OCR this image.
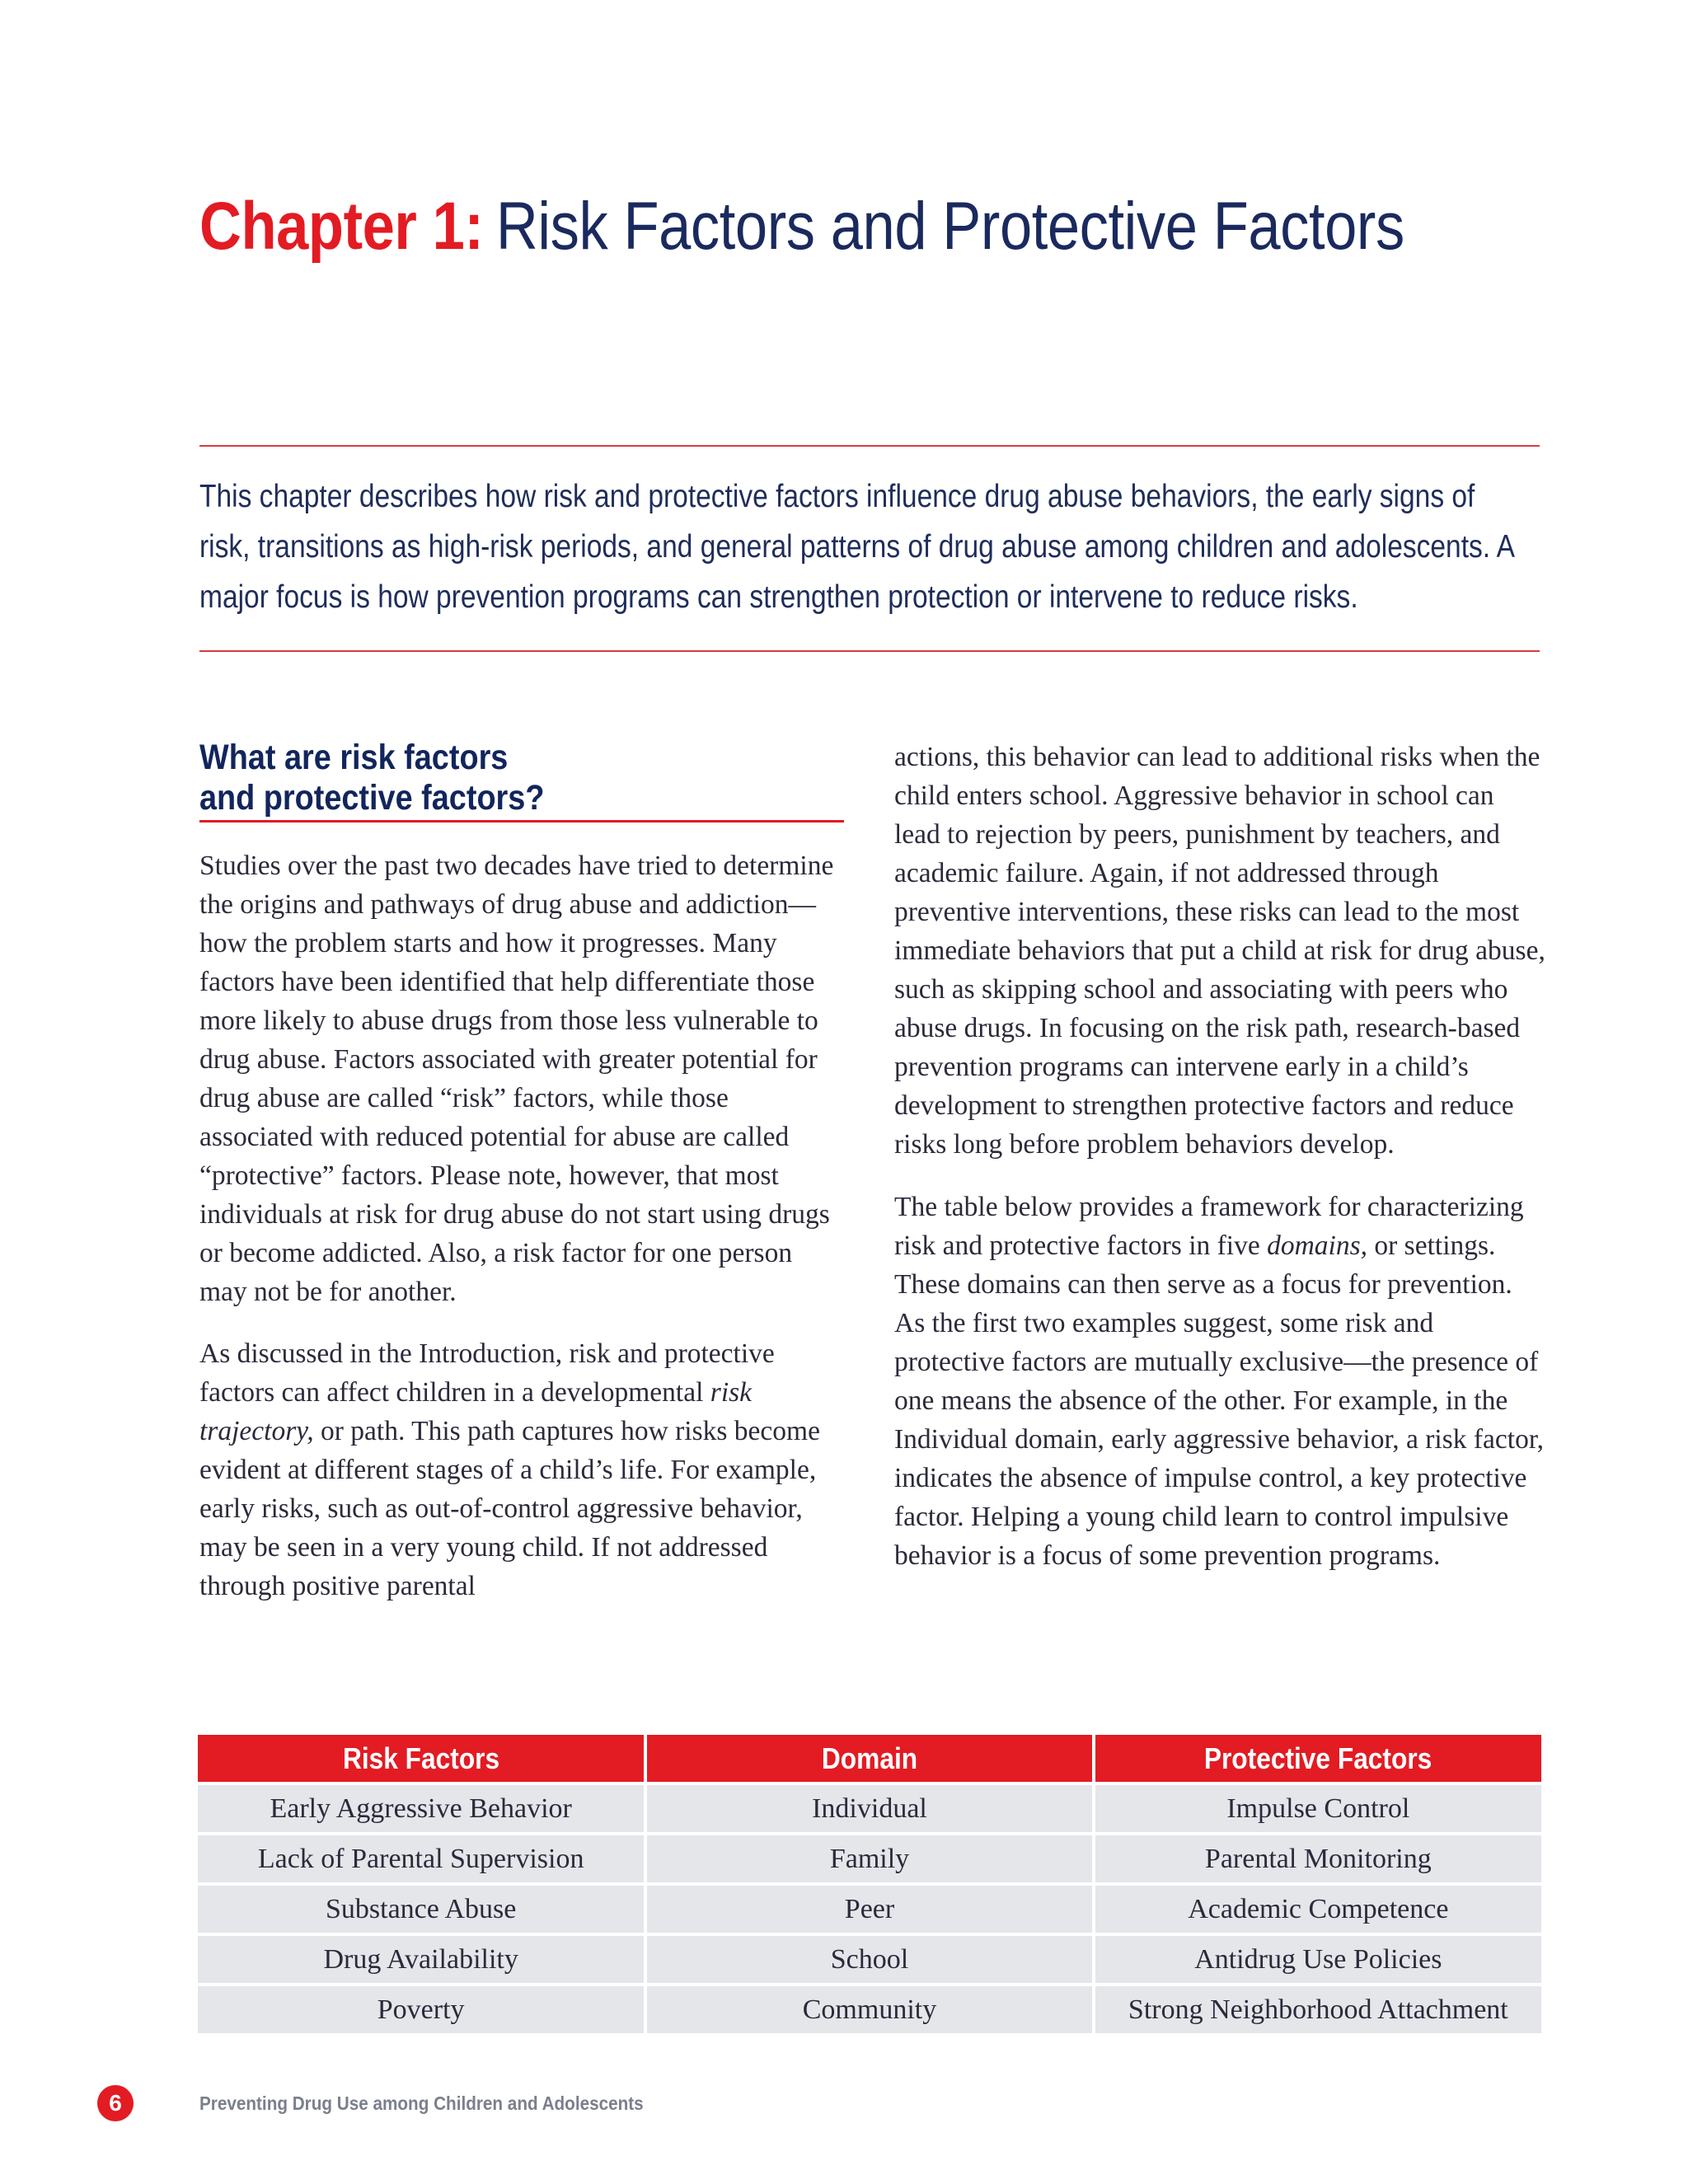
Chapter 1: Risk Factors and Protective Factors

This chapter describes how risk and protective factors influence drug abuse behaviors, the early signs of risk, transitions as high-risk periods, and general patterns of drug abuse among children and adolescents. A major focus is how prevention programs can strengthen protection or intervene to reduce risks.

What are risk factors
and protective factors?

Studies over the past two decades have tried to determine the origins and pathways of drug abuse and addiction—how the problem starts and how it progresses. Many factors have been identified that help differentiate those more likely to abuse drugs from those less vulnerable to drug abuse. Factors associated with greater potential for drug abuse are called “risk” factors, while those associated with reduced potential for abuse are called “protective” factors. Please note, however, that most individuals at risk for drug abuse do not start using drugs or become addicted. Also, a risk factor for one person may not be for another.

As discussed in the Introduction, risk and protective factors can affect children in a developmental risk trajectory, or path. This path captures how risks become evident at different stages of a child’s life. For example, early risks, such as out-of-control aggressive behavior, may be seen in a very young child. If not addressed through positive parental

actions, this behavior can lead to additional risks when the child enters school. Aggressive behavior in school can lead to rejection by peers, punishment by teachers, and academic failure. Again, if not addressed through preventive interventions, these risks can lead to the most immediate behaviors that put a child at risk for drug abuse, such as skipping school and associating with peers who abuse drugs. In focusing on the risk path, research-based prevention programs can intervene early in a child’s development to strengthen protective factors and reduce risks long before problem behaviors develop.

The table below provides a framework for characterizing risk and protective factors in five domains, or settings. These domains can then serve as a focus for prevention. As the first two examples suggest, some risk and protective factors are mutually exclusive—the presence of one means the absence of the other. For example, in the Individual domain, early aggressive behavior, a risk factor, indicates the absence of impulse control, a key protective factor. Helping a young child learn to control impulsive behavior is a focus of some prevention programs.

Risk Factors	Domain	Protective Factors
Early Aggressive Behavior	Individual	Impulse Control
Lack of Parental Supervision	Family	Parental Monitoring
Substance Abuse	Peer	Academic Competence
Drug Availability	School	Antidrug Use Policies
Poverty	Community	Strong Neighborhood Attachment
6	Preventing Drug Use among Children and Adolescents
